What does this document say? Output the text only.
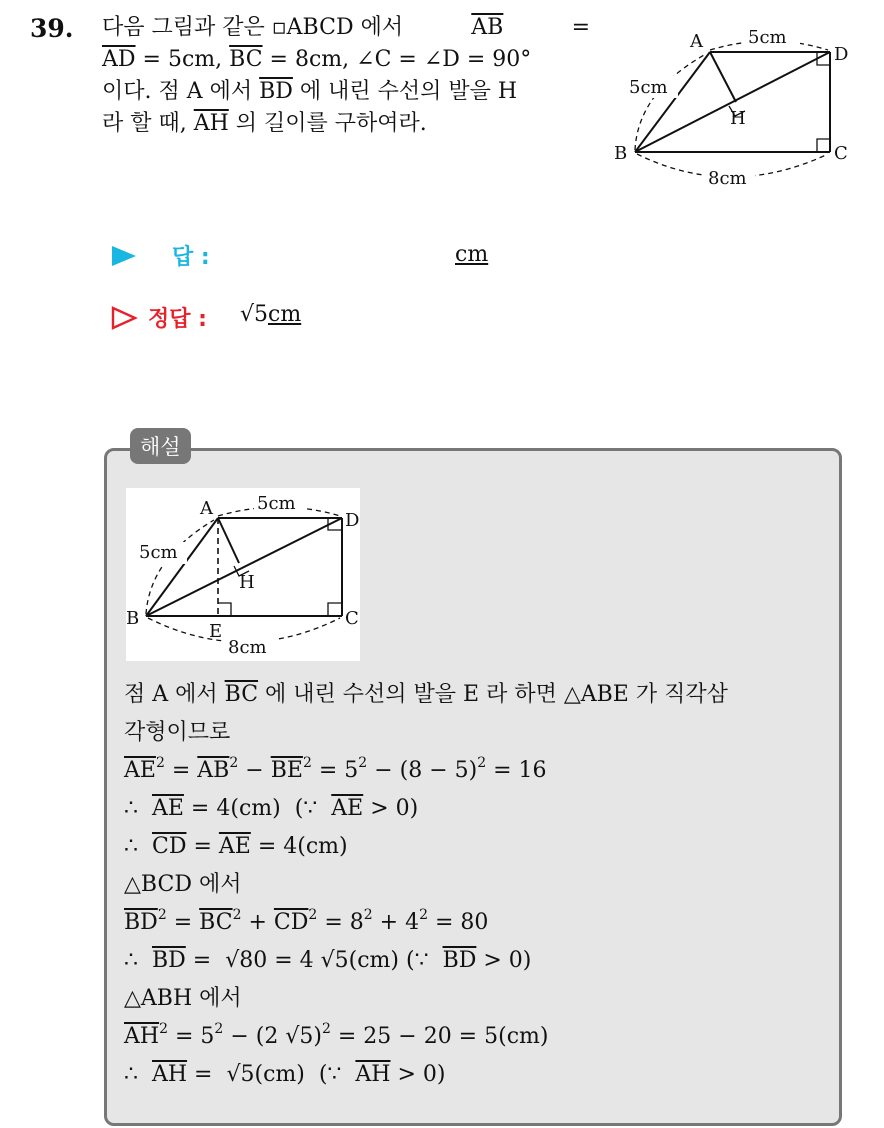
39. 다음 그림과 같은 ▫ABCD 에서	$\overline{AB}$	=
$\overline{AD} = 5cm$, $\overline{BC} = 8cm$, ∠C = ∠D = 90°
이다. 점 A 에서 $\overline{BD}$ 에 내린 수선의 발을 H
라 할 때, $\overline{AH}$ 의 길이를 구하여라.
A
B	C
D
H
5cm
5cm
8cm
답 :	cm
정답 : √5cm
해설
A
B	C
D
H
E
5cm
5cm
8cm
점 A 에서 $\overline{BC}$ 에 내린 수선의 발을 E 라 하면 △ABE 가 직각삼
각형이므로
$\overline{AE}^2 = \overline{AB}^2 - \overline{BE}^2 = 5^2 - (8 - 5)^2 = 16$
∴  $\overline{AE} = 4(cm)$  (∵  $\overline{AE} > 0$)
∴  $\overline{CD} = \overline{AE} = 4(cm)$
△BCD 에서
$\overline{BD}^2 = \overline{BC}^2 + \overline{CD}^2 = 8^2 + 4^2 = 80$
∴  $\overline{BD} = √80 = 4$ √5(cm) (∵  $\overline{BD} > 0$)
△ABH 에서
$\overline{AH}^2 = 5^2 - (2$ √5)$^2$ = 25 − 20 = 5(cm)
∴  $\overline{AH} = √5(cm)$  (∵  $\overline{AH} > 0$)
